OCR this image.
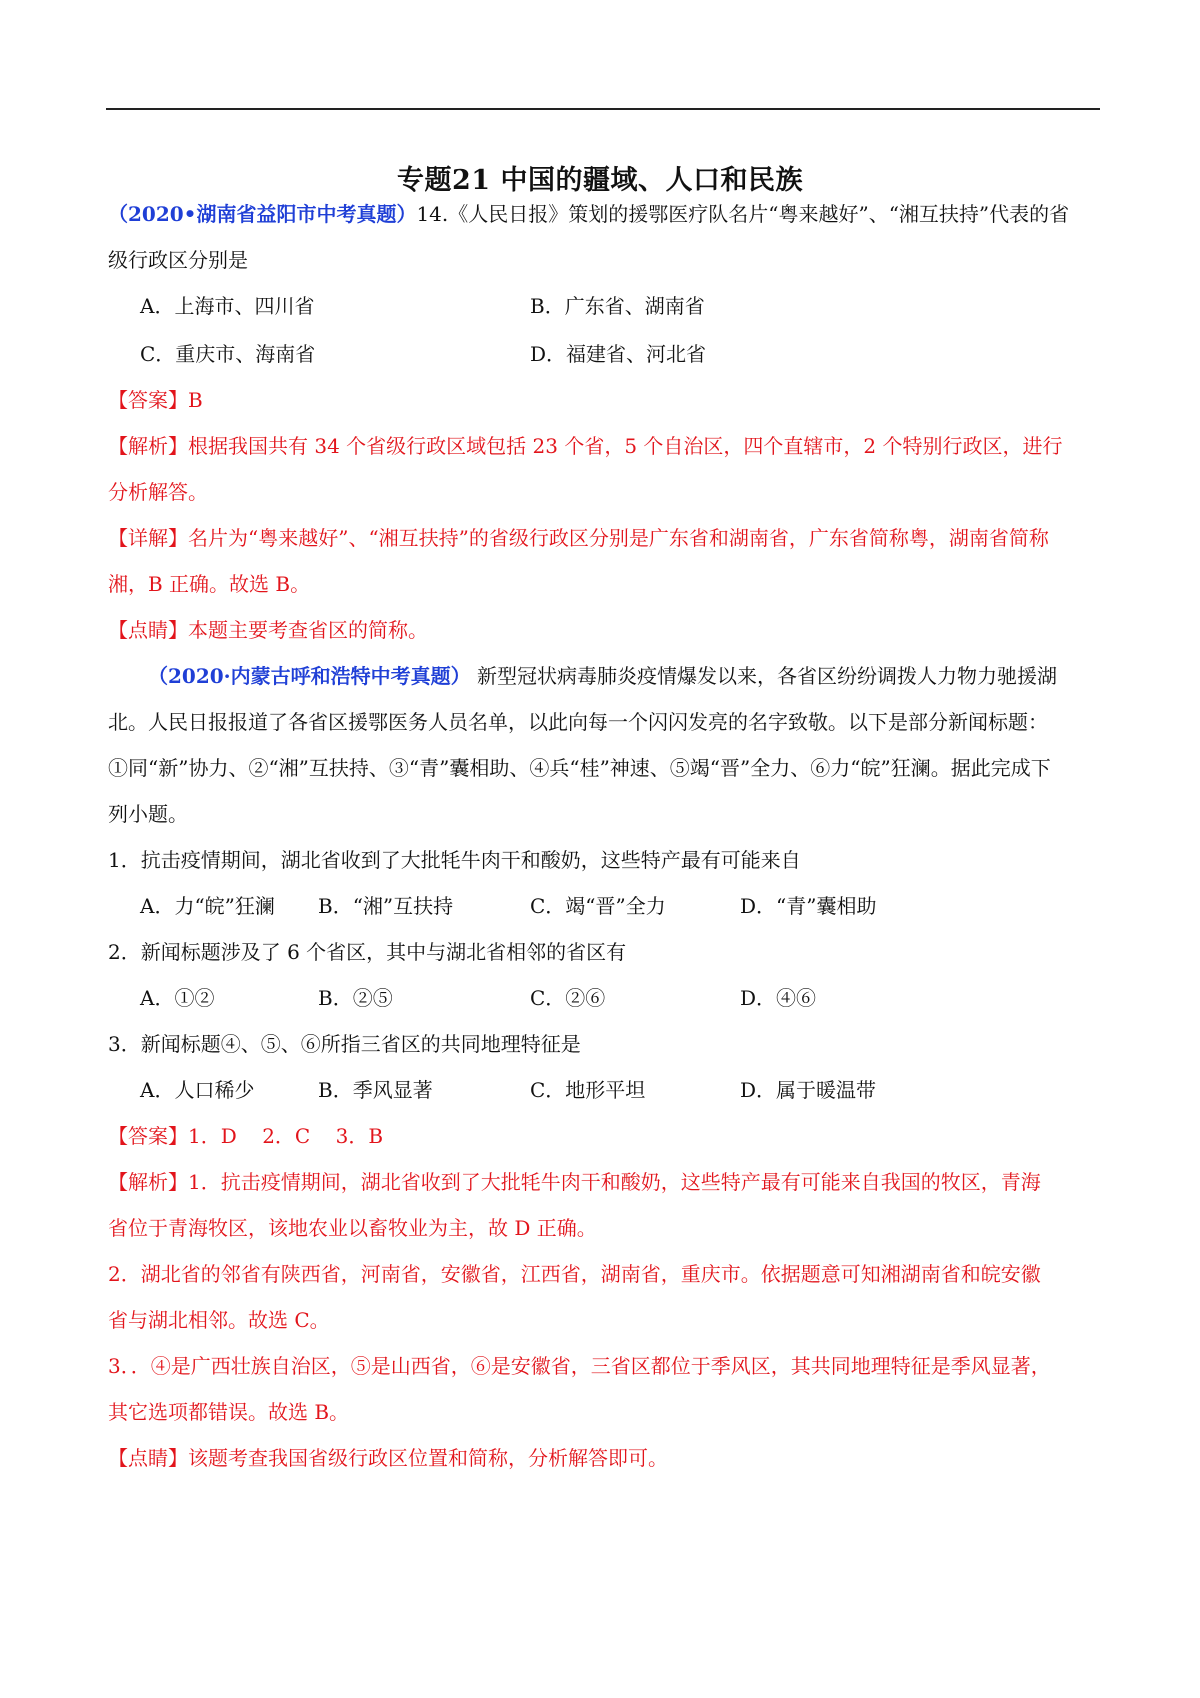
专题21 中国的疆域、人口和民族
（2020•湖南省益阳市中考真题）14.《人民日报》策划的援鄂医疗队名片“粤来越好”、“湘互扶持”代表的省
级行政区分别是
A．上海市、四川省	B．广东省、湖南省
C．重庆市、海南省	D．福建省、河北省
【答案】B
【解析】根据我国共有 34 个省级行政区域包括 23 个省，5 个自治区，四个直辖市，2 个特别行政区，进行
分析解答。
【详解】名片为“粤来越好”、“湘互扶持”的省级行政区分别是广东省和湖南省，广东省简称粤，湖南省简称
湘，B 正确。故选 B。
【点睛】本题主要考查省区的简称。
（2020·内蒙古呼和浩特中考真题） 新型冠状病毒肺炎疫情爆发以来，各省区纷纷调拨人力物力驰援湖
北。人民日报报道了各省区援鄂医务人员名单，以此向每一个闪闪发亮的名字致敬。以下是部分新闻标题：
①同“新”协力、②“湘”互扶持、③“青”囊相助、④兵“桂”神速、⑤竭“晋”全力、⑥力“皖”狂澜。据此完成下
列小题。
1．抗击疫情期间，湖北省收到了大批牦牛肉干和酸奶，这些特产最有可能来自
A．力“皖”狂澜 B．“湘”互扶持	C．竭“晋”全力	D．“青”囊相助
2．新闻标题涉及了 6 个省区，其中与湖北省相邻的省区有
A．①②	B．②⑤	C．②⑥	D．④⑥
3．新闻标题④、⑤、⑥所指三省区的共同地理特征是
A．人口稀少	B．季风显著	C．地形平坦	D．属于暖温带
【答案】1．D    2．C    3．B
【解析】1．抗击疫情期间，湖北省收到了大批牦牛肉干和酸奶，这些特产最有可能来自我国的牧区，青海
省位于青海牧区，该地农业以畜牧业为主，故 D 正确。
2．湖北省的邻省有陕西省，河南省，安徽省，江西省，湖南省，重庆市。依据题意可知湘湖南省和皖安徽
省与湖北相邻。故选 C。
3．．④是广西壮族自治区，⑤是山西省，⑥是安徽省，三省区都位于季风区，其共同地理特征是季风显著，
其它选项都错误。故选 B。
【点睛】该题考查我国省级行政区位置和简称，分析解答即可。
